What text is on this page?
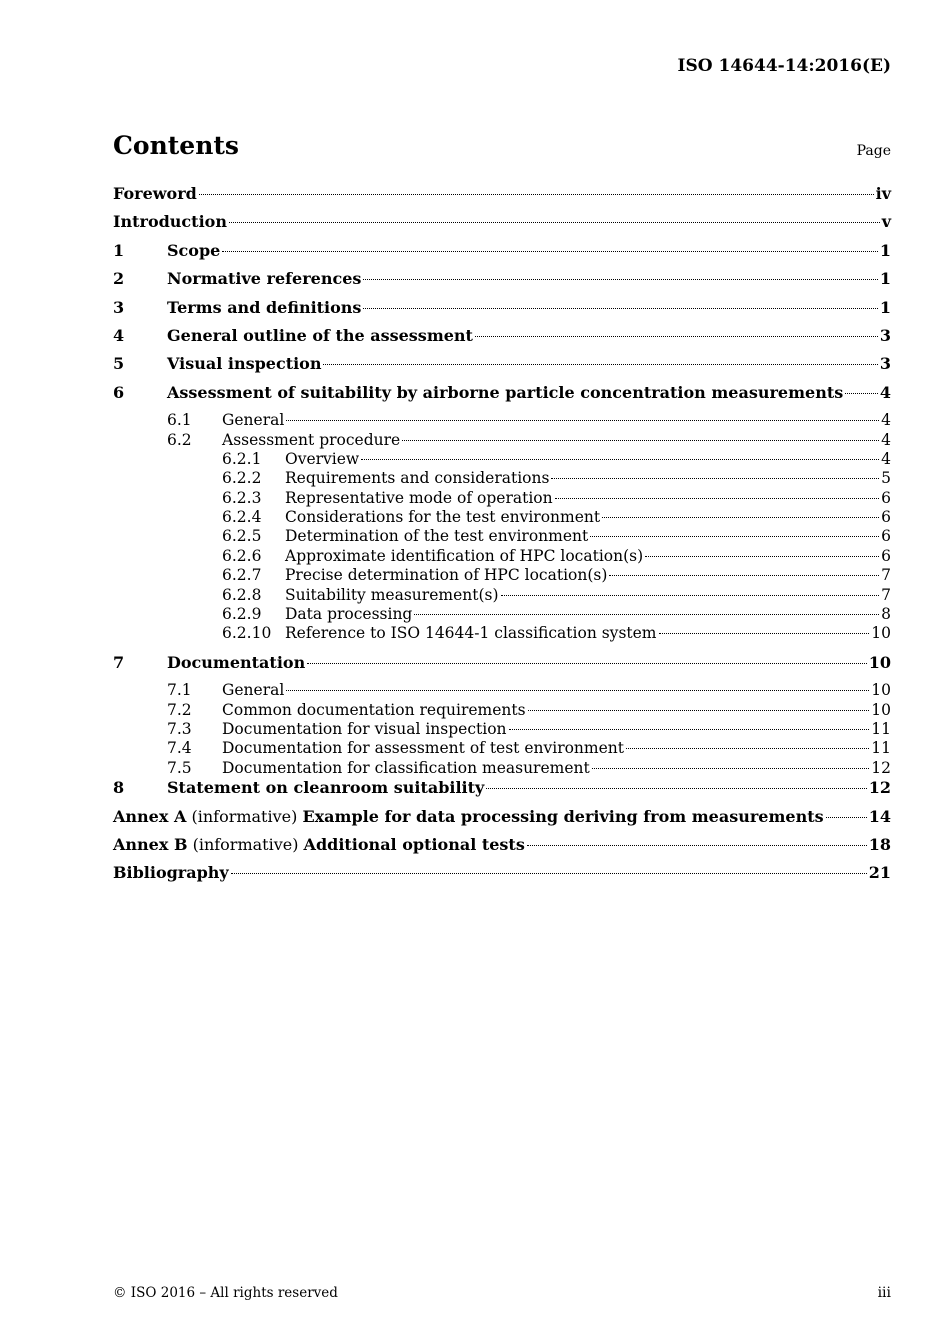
ISO 14644-14:2016(E)
Contents	Page
Foreword	iv
Introduction	v
1	Scope	1
2	Normative references	1
3	Terms and definitions	1
4	General outline of the assessment	3
5	Visual inspection	3
6	Assessment of suitability by airborne particle concentration measurements 4
6.1	General	4
6.2	Assessment procedure	4
6.2.1	Overview	4
6.2.2	Requirements and considerations	5
6.2.3	Representative mode of operation	6
6.2.4	Considerations for the test environment	6
6.2.5	Determination of the test environment	6
6.2.6	Approximate identification of HPC location(s)	6
6.2.7	Precise determination of HPC location(s)	7
6.2.8	Suitability measurement(s)	7
6.2.9	Data processing	8
6.2.10 Reference to ISO 14644-1 classification system	10
7	Documentation	10
7.1	General	10
7.2	Common documentation requirements	10
7.3	Documentation for visual inspection	11
7.4	Documentation for assessment of test environment	11
7.5	Documentation for classification measurement	12
8	Statement on cleanroom suitability	12
Annex A (informative) Example for data processing deriving from measurements	14
Annex B (informative) Additional optional tests	18
Bibliography	21
© ISO 2016 – All rights reserved	iii
